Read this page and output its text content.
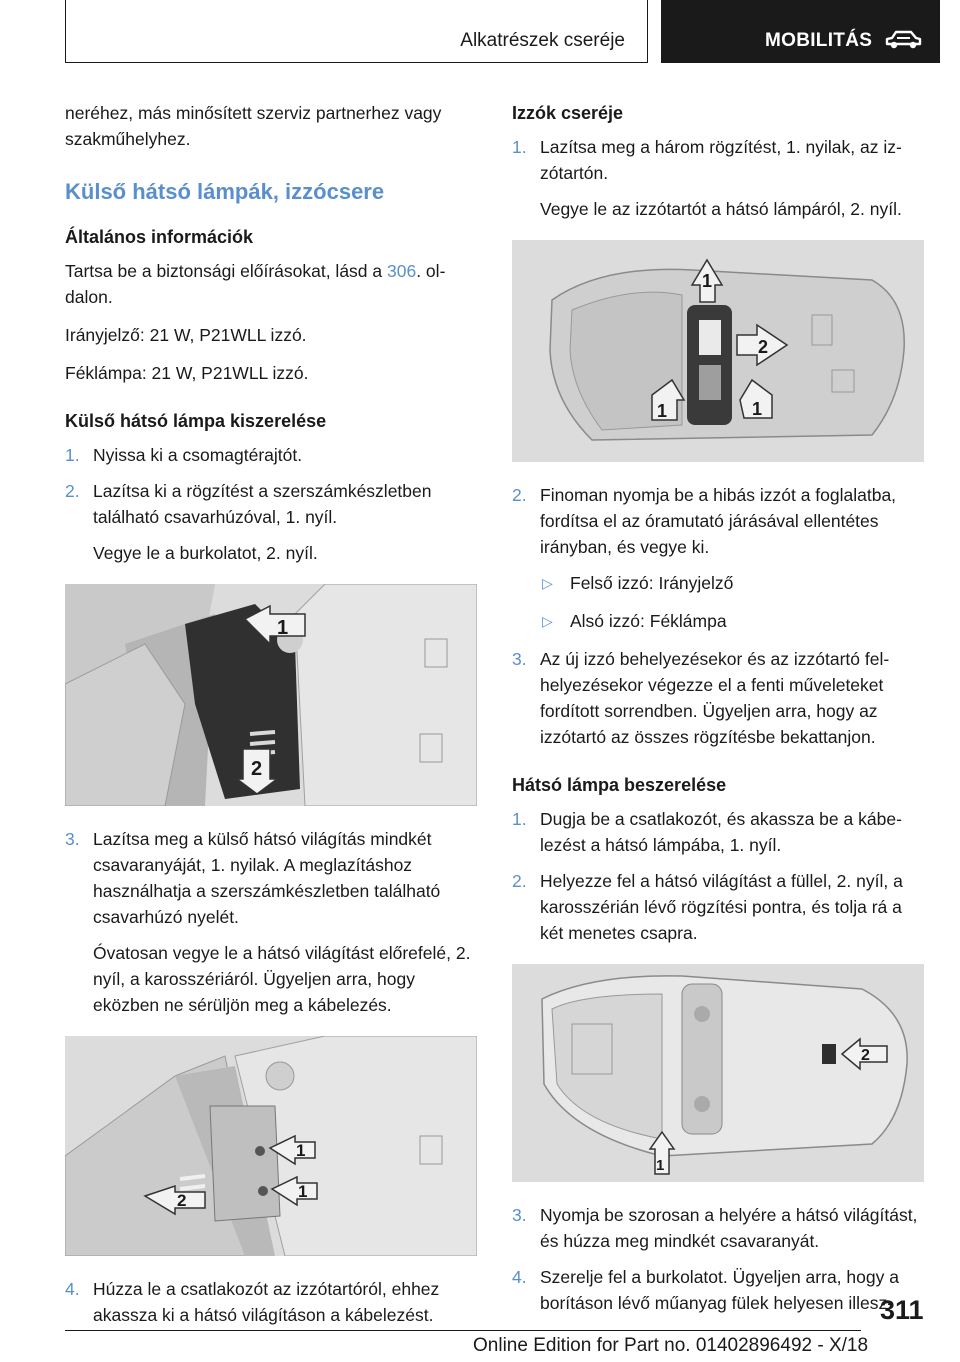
Alkatrészek cseréje	MOBILITÁS

neréhez, más minősített szerviz partnerhez vagy szakműhelyhez.

Külső hátsó lámpák, izzócsere
Általános információk

Tartsa be a biztonsági előírásokat, lásd a 306. oldalon.

Irányjelző: 21 W, P21WLL izzó.

Féklámpa: 21 W, P21WLL izzó.

Külső hátsó lámpa kiszerelése
1. Nyissa ki a csomagtérajtót.
2. Lazítsa ki a rögzítést a szerszámkészletben található csavarhúzóval, 1. nyíl.

Vegye le a burkolatot, 2. nyíl.

1
2
3. Lazítsa meg a külső hátsó világítás mindkét csavaranyáját, 1. nyilak. A meglazításhoz használhatja a szerszámkészletben található csavarhúzó nyelét.

Óvatosan vegye le a hátsó világítást előrefelé, 2. nyíl, a karosszériáról. Ügyeljen arra, hogy eközben ne sérüljön meg a kábelezés.

1
1
2
4. Húzza le a csatlakozót az izzótartóról, ehhez akassza ki a hátsó világításon a kábelezést.
Izzók cseréje
1. Lazítsa meg a három rögzítést, 1. nyilak, az izzótartón.

Vegye le az izzótartót a hátsó lámpáról, 2. nyíl.

1
2
1	1
2. Finoman nyomja be a hibás izzót a foglalatba, fordítsa el az óramutató járásával ellentétes irányban, és vegye ki.
▷ Felső izzó: Irányjelző
▷ Alsó izzó: Féklámpa
3. Az új izzó behelyezésekor és az izzótartó felhelyezésekor végezze el a fenti műveleteket fordított sorrendben. Ügyeljen arra, hogy az izzótartó az összes rögzítésbe bekattanjon.
Hátsó lámpa beszerelése
1. Dugja be a csatlakozót, és akassza be a kábelezést a hátsó lámpába, 1. nyíl.
2. Helyezze fel a hátsó világítást a füllel, 2. nyíl, a karosszérián lévő rögzítési pontra, és tolja rá a két menetes csapra.
2
1
3. Nyomja be szorosan a helyére a hátsó világítást, és húzza meg mindkét csavaranyát.
4. Szerelje fel a burkolatot. Ügyeljen arra, hogy a borításon lévő műanyag fülek helyesen illesz-
311
Online Edition for Part no. 01402896492 - X/18
